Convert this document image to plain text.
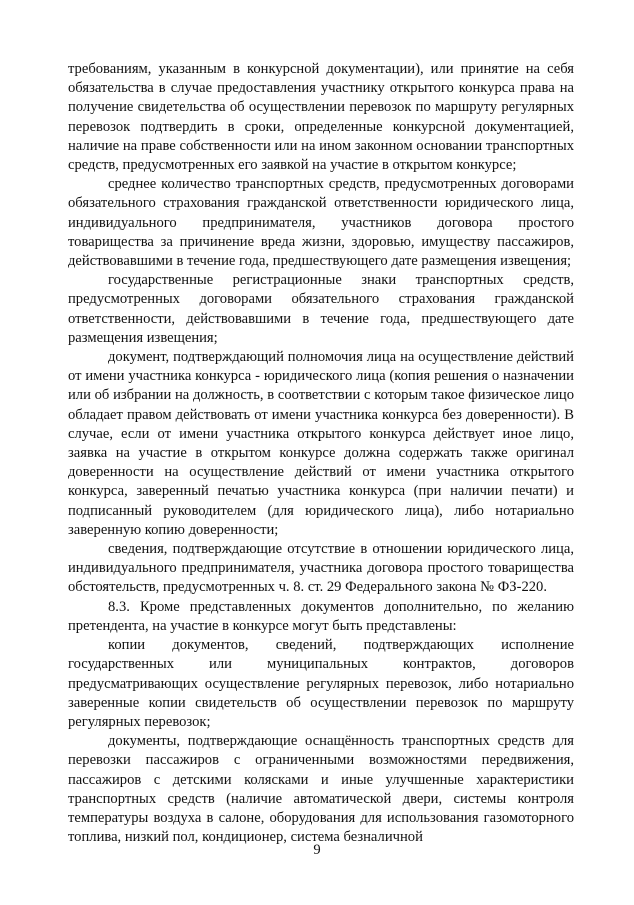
требованиям, указанным в конкурсной документации), или принятие на себя обязательства в случае предоставления участнику открытого конкурса права на получение свидетельства об осуществлении перевозок по маршруту регулярных перевозок подтвердить в сроки, определенные конкурсной документацией, наличие на праве собственности или на ином законном основании транспортных средств, предусмотренных его заявкой на участие в открытом конкурсе;

среднее количество транспортных средств, предусмотренных договорами обязательного страхования гражданской ответственности юридического лица, индивидуального предпринимателя, участников договора простого товарищества за причинение вреда жизни, здоровью, имуществу пассажиров, действовавшими в течение года, предшествующего дате размещения извещения;

государственные регистрационные знаки транспортных средств, предусмотренных договорами обязательного страхования гражданской ответственности, действовавшими в течение года, предшествующего дате размещения извещения;

документ, подтверждающий полномочия лица на осуществление действий от имени участника конкурса - юридического лица (копия решения о назначении или об избрании на должность, в соответствии с которым такое физическое лицо обладает правом действовать от имени участника конкурса без доверенности). В случае, если от имени участника открытого конкурса действует иное лицо, заявка на участие в открытом конкурсе должна содержать также оригинал доверенности на осуществление действий от имени участника открытого конкурса, заверенный печатью участника конкурса (при наличии печати) и подписанный руководителем (для юридического лица), либо нотариально заверенную копию доверенности;

сведения, подтверждающие отсутствие в отношении юридического лица, индивидуального предпринимателя, участника договора простого товарищества обстоятельств, предусмотренных ч. 8. ст. 29 Федерального закона № ФЗ-220.

8.3. Кроме представленных документов дополнительно, по желанию претендента, на участие в конкурсе могут быть представлены:

копии документов, сведений, подтверждающих исполнение государственных или муниципальных контрактов, договоров предусматривающих осуществление регулярных перевозок, либо нотариально заверенные копии свидетельств об осуществлении перевозок по маршруту регулярных перевозок;

документы, подтверждающие оснащённость транспортных средств для перевозки пассажиров с ограниченными возможностями передвижения, пассажиров с детскими колясками и иные улучшенные характеристики транспортных средств (наличие автоматической двери, системы контроля температуры воздуха в салоне, оборудования для использования газомоторного топлива, низкий пол, кондиционер, система безналичной

9
